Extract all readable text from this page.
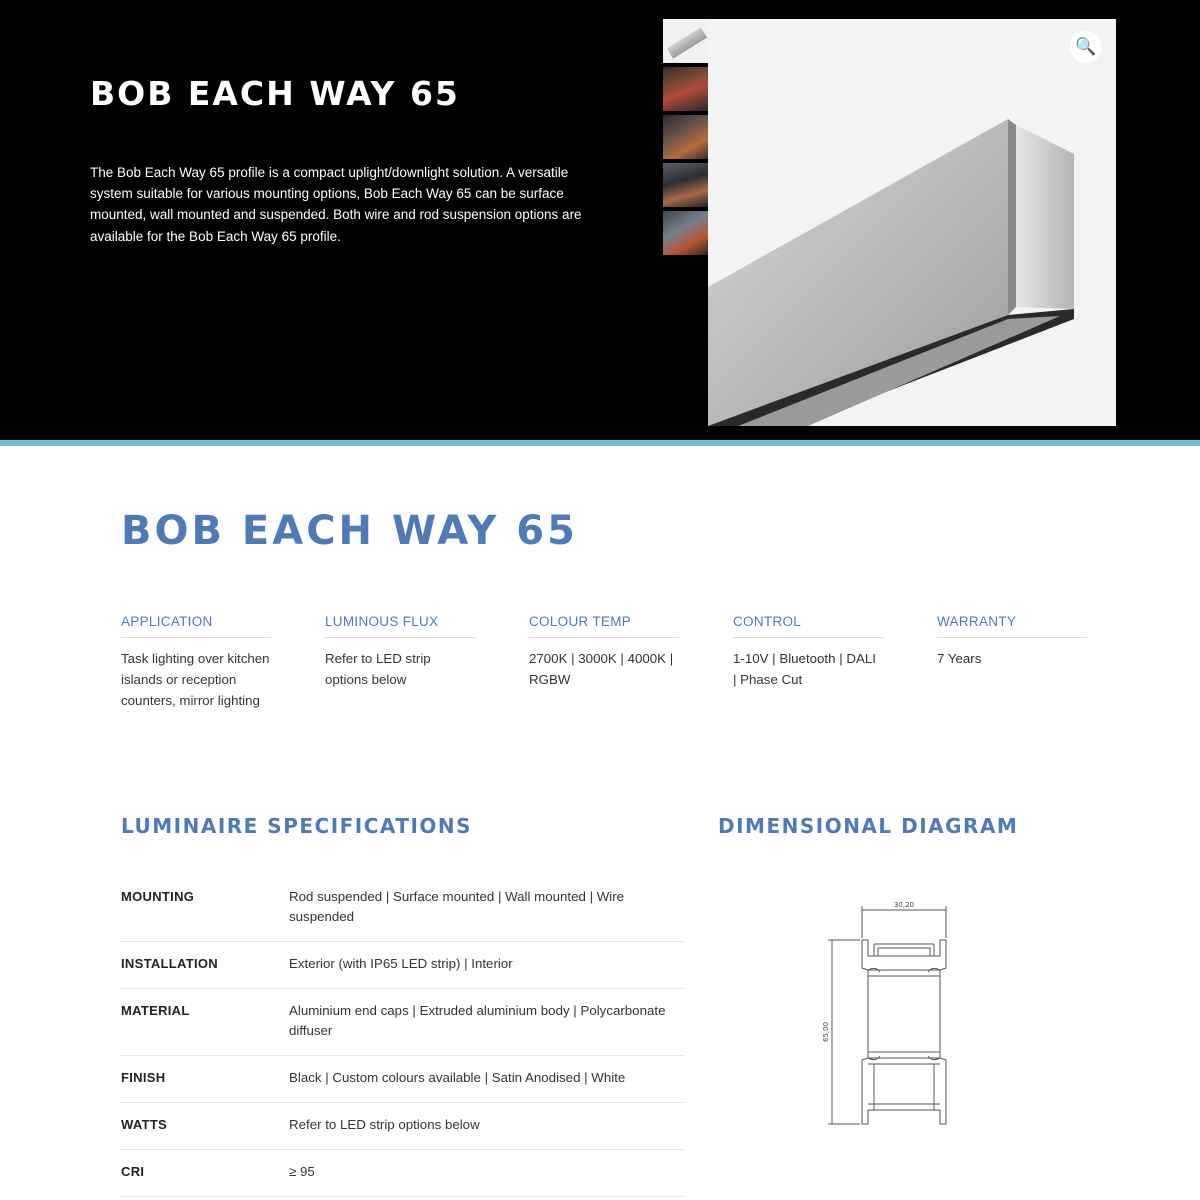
BOB EACH WAY 65

The Bob Each Way 65 profile is a compact uplight/downlight solution. A versatile system suitable for various mounting options, Bob Each Way 65 can be surface mounted, wall mounted and suspended. Both wire and rod suspension options are available for the Bob Each Way 65 profile.

🔍
BOB EACH WAY 65
APPLICATION
Task lighting over kitchen islands or reception counters, mirror lighting
LUMINOUS FLUX
Refer to LED strip options below
COLOUR TEMP
2700K | 3000K | 4000K | RGBW
CONTROL
1-10V | Bluetooth | DALI | Phase Cut
WARRANTY
7 Years
LUMINAIRE SPECIFICATIONS	DIMENSIONAL DIAGRAM
MOUNTING	Rod suspended | Surface mounted | Wall mounted | Wire suspended
INSTALLATION	Exterior (with IP65 LED strip) | Interior
MATERIAL	Aluminium end caps | Extruded aluminium body | Polycarbonate diffuser
FINISH	Black | Custom colours available | Satin Anodised | White
WATTS	Refer to LED strip options below
CRI	≥ 95
30,20
65,00
